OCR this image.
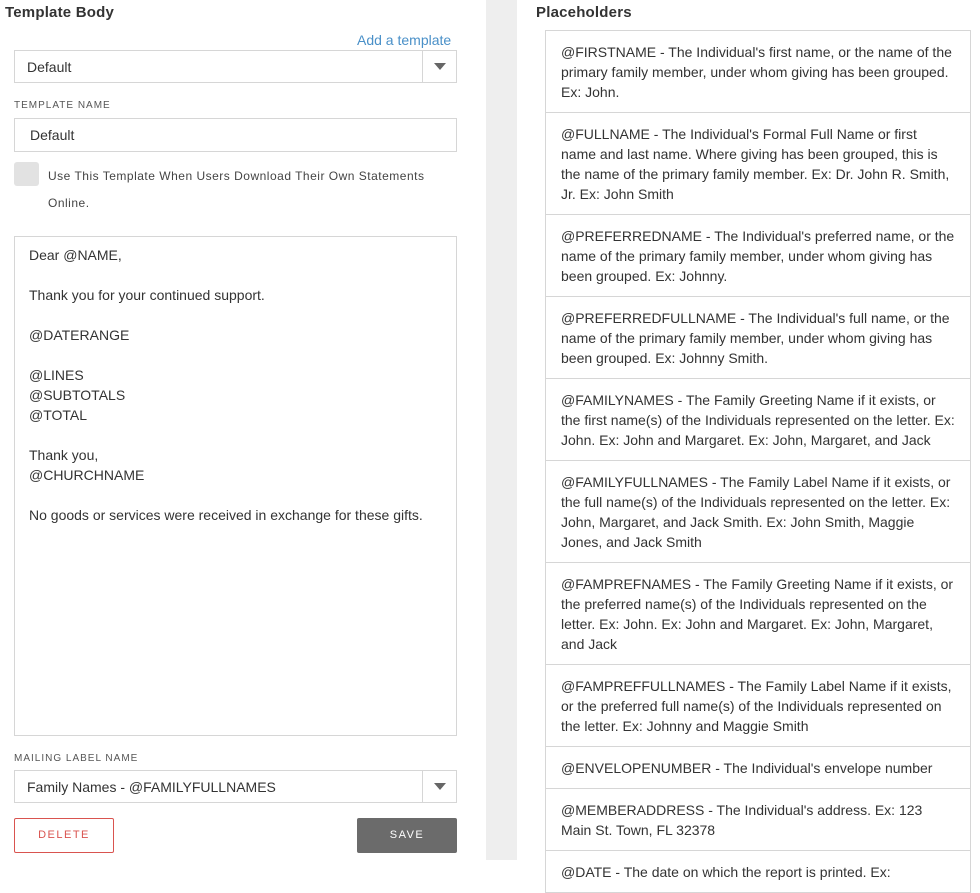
Template Body
Add a template
Default
TEMPLATE NAME
Default
Use This Template When Users Download Their Own Statements Online.
Dear @NAME,
Thank you for your continued support.
@DATERANGE
@LINES
@SUBTOTALS
@TOTAL
Thank you,
@CHURCHNAME
No goods or services were received in exchange for these gifts.
MAILING LABEL NAME
Family Names - @FAMILYFULLNAMES
DELETE	SAVE
Placeholders
@FIRSTNAME - The Individual's first name, or the name of the primary family member, under whom giving has been grouped. Ex: John.
@FULLNAME - The Individual's Formal Full Name or first name and last name. Where giving has been grouped, this is the name of the primary family member. Ex: Dr. John R. Smith, Jr. Ex: John Smith
@PREFERREDNAME - The Individual's preferred name, or the name of the primary family member, under whom giving has been grouped. Ex: Johnny.
@PREFERREDFULLNAME - The Individual's full name, or the name of the primary family member, under whom giving has been grouped. Ex: Johnny Smith.
@FAMILYNAMES - The Family Greeting Name if it exists, or the first name(s) of the Individuals represented on the letter. Ex: John. Ex: John and Margaret. Ex: John, Margaret, and Jack
@FAMILYFULLNAMES - The Family Label Name if it exists, or the full name(s) of the Individuals represented on the letter. Ex: John, Margaret, and Jack Smith. Ex: John Smith, Maggie Jones, and Jack Smith
@FAMPREFNAMES - The Family Greeting Name if it exists, or the preferred name(s) of the Individuals represented on the letter. Ex: John. Ex: John and Margaret. Ex: John, Margaret, and Jack
@FAMPREFFULLNAMES - The Family Label Name if it exists, or the preferred full name(s) of the Individuals represented on the letter. Ex: Johnny and Maggie Smith
@ENVELOPENUMBER - The Individual's envelope number
@MEMBERADDRESS - The Individual's address. Ex: 123 Main St. Town, FL 32378
@DATE - The date on which the report is printed. Ex:
